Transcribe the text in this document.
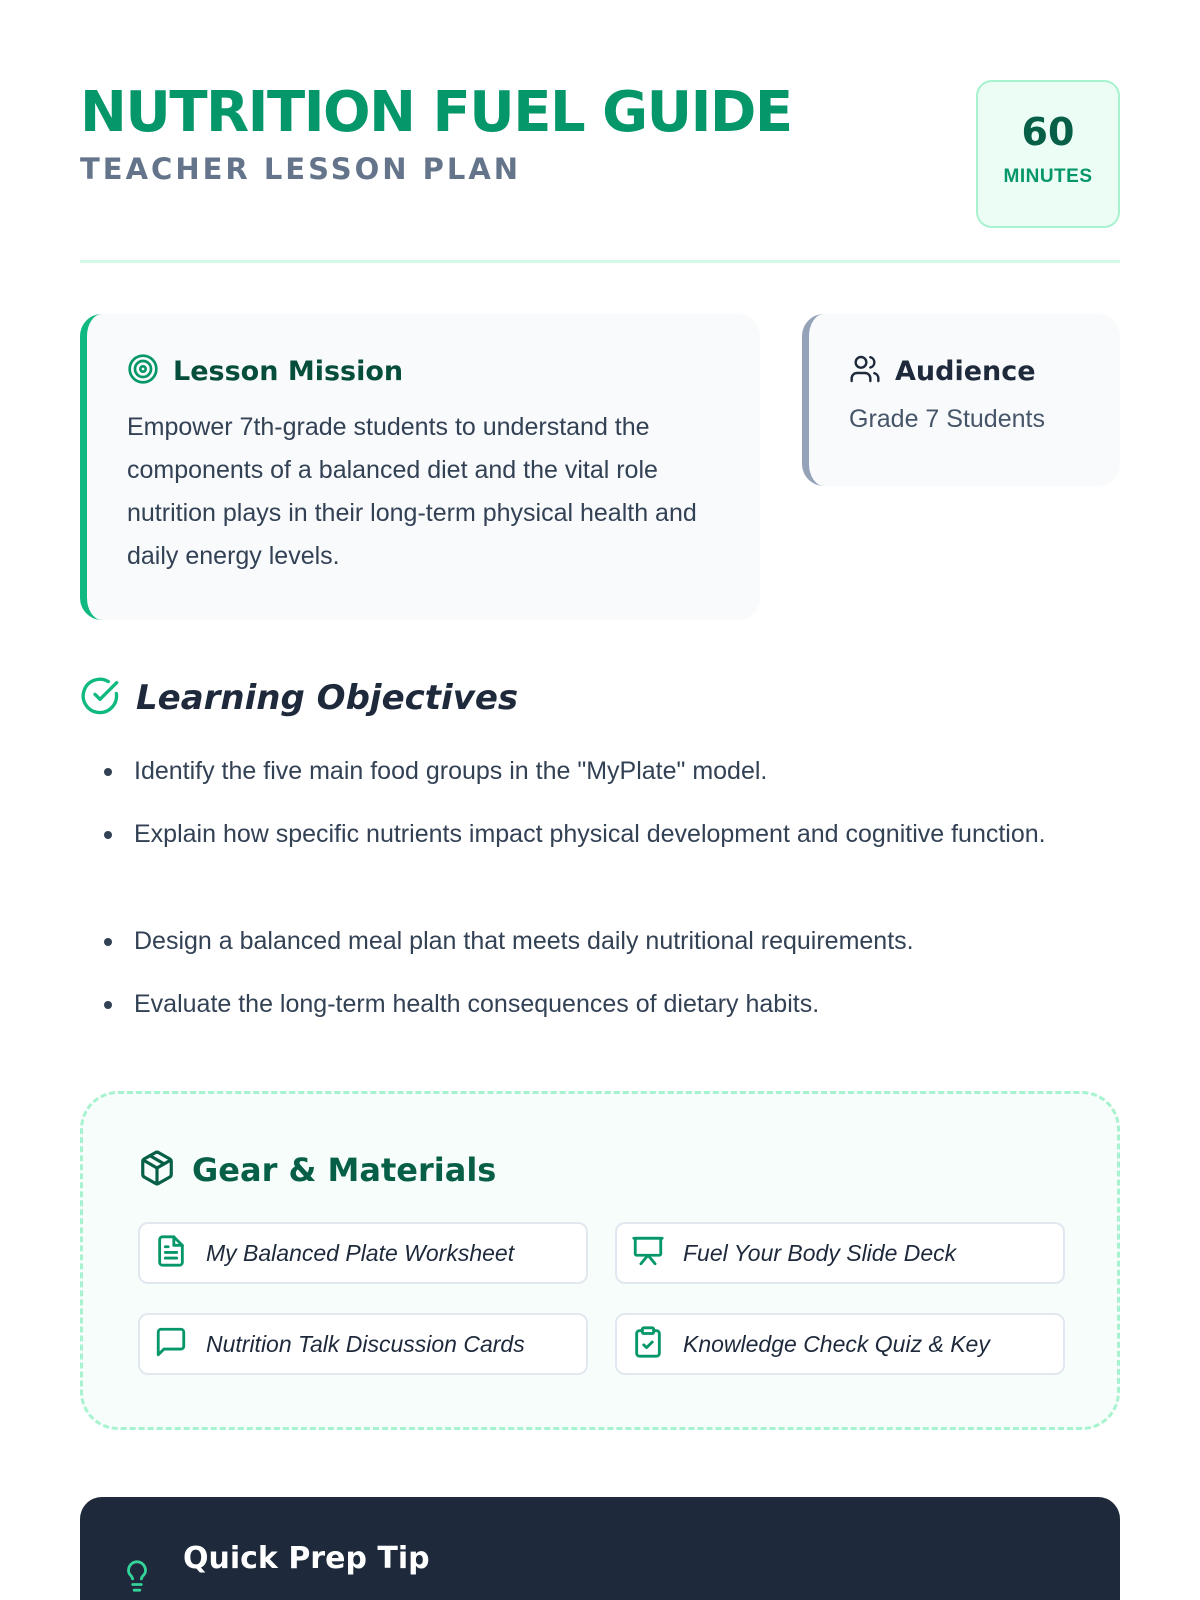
NUTRITION FUEL GUIDE
TEACHER LESSON PLAN
60
MINUTES
Lesson Mission

Empower 7th-grade students to understand the components of a balanced diet and the vital role nutrition plays in their long-term physical health and daily energy levels.

Audience

Grade 7 Students

Learning Objectives
Identify the five main food groups in the "MyPlate" model.
Explain how specific nutrients impact physical development and cognitive function.
Design a balanced meal plan that meets daily nutritional requirements.
Evaluate the long-term health consequences of dietary habits.
Gear & Materials
My Balanced Plate Worksheet	Fuel Your Body Slide Deck
Nutrition Talk Discussion Cards	Knowledge Check Quiz & Key
Quick Prep Tip
